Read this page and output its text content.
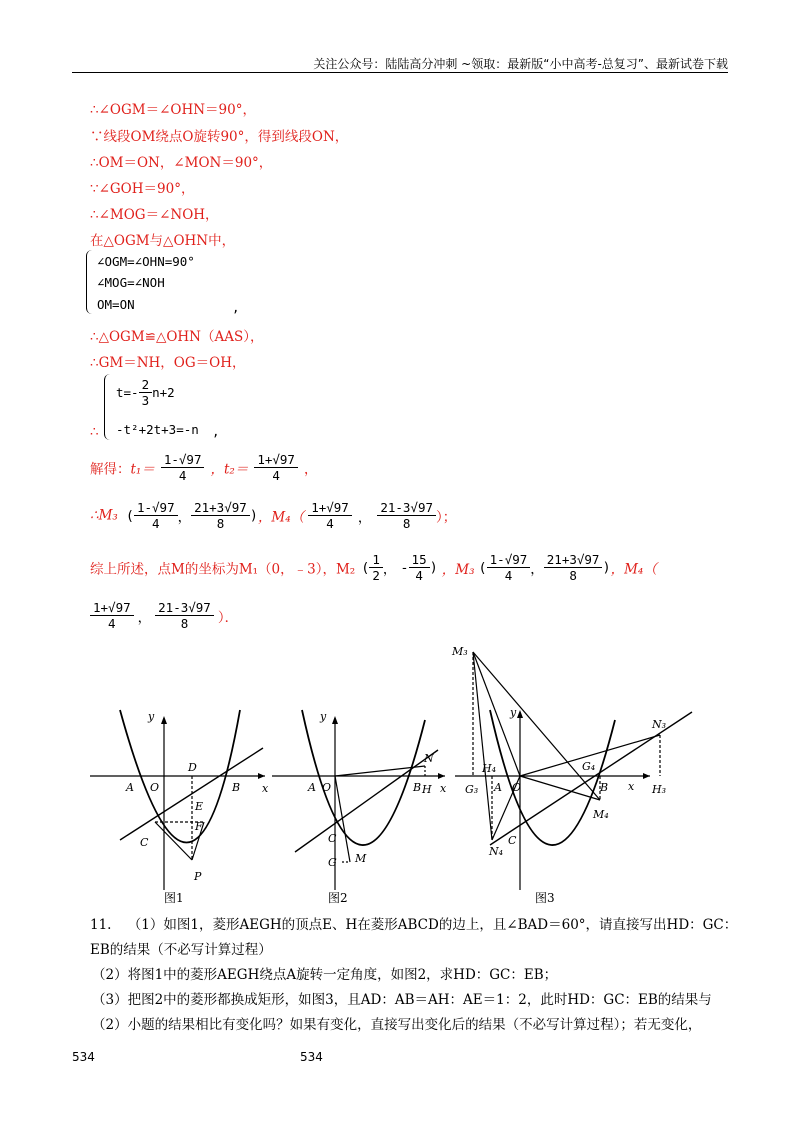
关注公众号：陆陆高分冲刺 ~领取：最新版“小中高考-总复习”、最新试卷下载
∴∠OGM＝∠OHN＝90°，
∵线段OM绕点O旋转90°，得到线段ON，
∴OM＝ON，∠MON＝90°，
∵∠GOH＝90°，
∴∠MOG＝∠NOH，
在△OGM与△OHN中，
∠OGM=∠OHN=90°
∠MOG=∠NOH
OM=ON	,
∴△OGM≌△OHN（AAS），
∴GM＝NH，OG＝OH，
∴
$t=- \frac{2}{3} n+2$
-t²+2t+3=-n ,
解得：$t_1= \frac{1-√97}{4}$ ，$t_2= \frac{1+√97}{4}$ ，
∴M₃ ( $\frac{1-√97}{4}$ ， $\frac{21+3√97}{8}$ )，$M_4( \frac{1+√97}{4}$ ， $\frac{21-3√97}{8}$ ）；
综上所述，点M的坐标为M₁（0，﹣3），M₂ ( $\frac{1}{2}$ ， - $\frac{15}{4}$ ) ，M₃ ( $\frac{1-√97}{4}$ ， $\frac{21+3√97}{8}$ )，M₄（
$\frac{1+√97}{4}$ ， $\frac{21-3√97}{8}$ ）．
y
x
O
A	B
D
E
F
C
P
图1
y
x
O
A	B H
N
C
G M
图2
y
x
O
A	B
M₃
N₃
H₄
G₃
G₄
H₃
M₄
N₄
C
图3
11. （1）如图1，菱形AEGH的顶点E、H在菱形ABCD的边上，且∠BAD＝60°，请直接写出HD：GC：
EB的结果（不必写计算过程）
（2）将图1中的菱形AEGH绕点A旋转一定角度，如图2，求HD：GC：EB；
（3）把图2中的菱形都换成矩形，如图3，且AD：AB＝AH：AE＝1：2，此时HD：GC：EB的结果与
（2）小题的结果相比有变化吗？如果有变化，直接写出变化后的结果（不必写计算过程）；若无变化，
534	534
